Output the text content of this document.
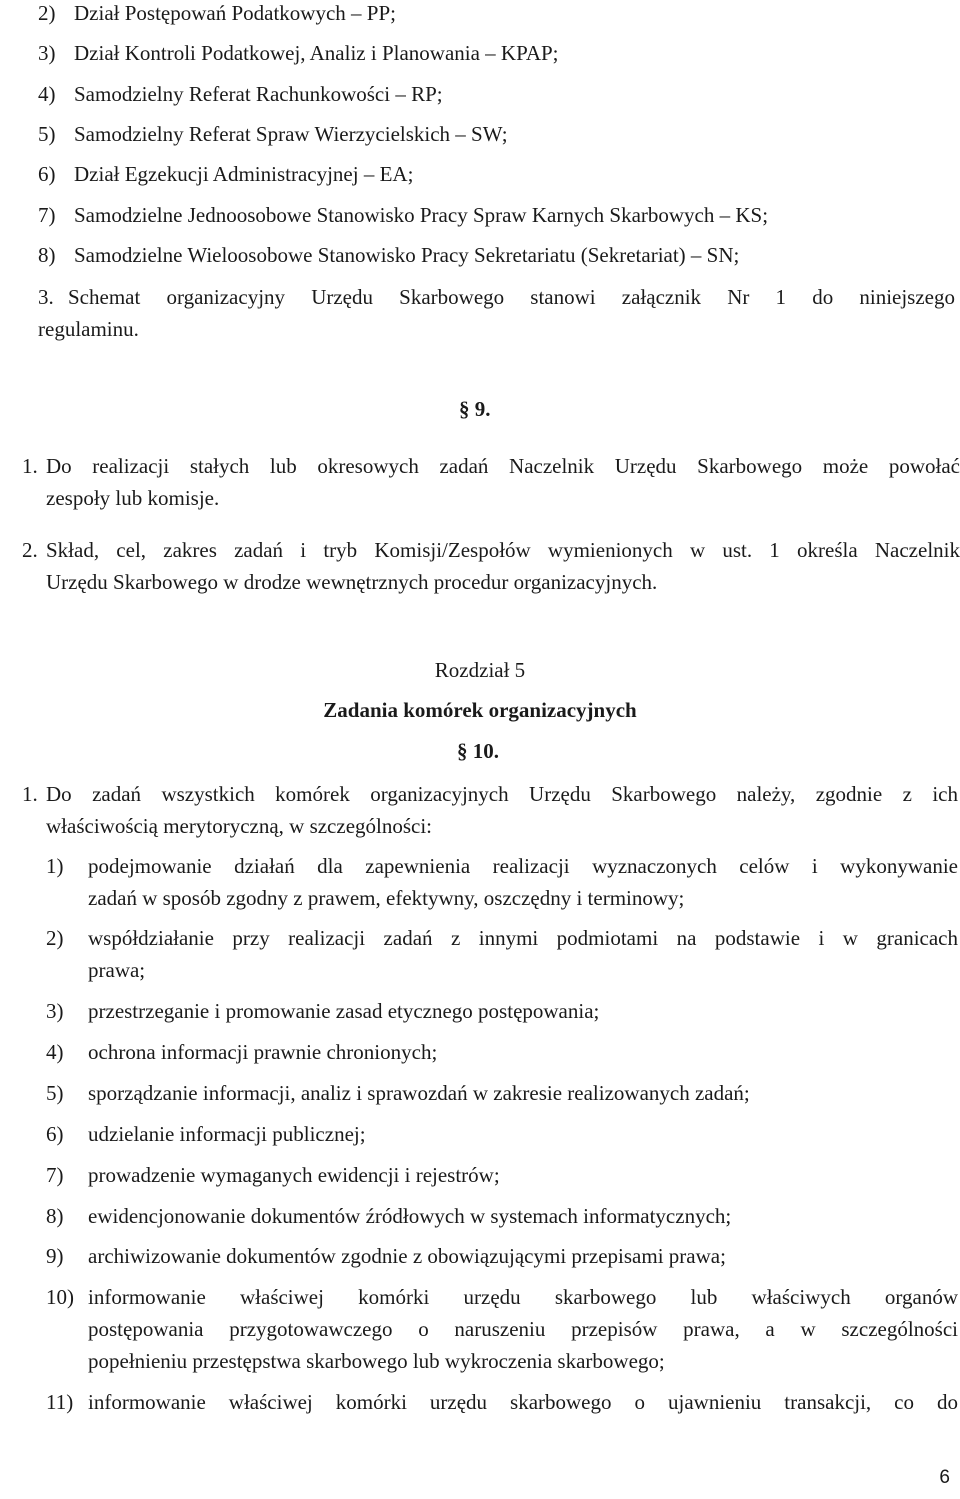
2) Dział Postępowań Podatkowych – PP;
3) Dział Kontroli Podatkowej, Analiz i Planowania – KPAP;
4) Samodzielny Referat Rachunkowości – RP;
5) Samodzielny Referat Spraw Wierzycielskich – SW;
6) Dział Egzekucji Administracyjnej – EA;
7) Samodzielne Jednoosobowe Stanowisko Pracy Spraw Karnych Skarbowych – KS;
8) Samodzielne Wieloosobowe Stanowisko Pracy Sekretariatu (Sekretariat) – SN;
3. Schemat organizacyjny Urzędu Skarbowego stanowi załącznik Nr 1 do niniejszego
regulaminu.
§ 9.
1. Do realizacji stałych lub okresowych zadań Naczelnik Urzędu Skarbowego może powołać
zespoły lub komisje.
2. Skład, cel, zakres zadań i tryb Komisji/Zespołów wymienionych w ust. 1 określa Naczelnik
Urzędu Skarbowego w drodze wewnętrznych procedur organizacyjnych.
Rozdział 5
Zadania komórek organizacyjnych
§ 10.
1. Do zadań wszystkich komórek organizacyjnych Urzędu Skarbowego należy, zgodnie z ich
właściwością merytoryczną, w szczególności:
1) podejmowanie działań dla zapewnienia realizacji wyznaczonych celów i wykonywanie
zadań w sposób zgodny z prawem, efektywny, oszczędny i terminowy;
2) współdziałanie przy realizacji zadań z innymi podmiotami na podstawie i w granicach
prawa;
3) przestrzeganie i promowanie zasad etycznego postępowania;
4) ochrona informacji prawnie chronionych;
5) sporządzanie informacji, analiz i sprawozdań w zakresie realizowanych zadań;
6) udzielanie informacji publicznej;
7) prowadzenie wymaganych ewidencji i rejestrów;
8) ewidencjonowanie dokumentów źródłowych w systemach informatycznych;
9) archiwizowanie dokumentów zgodnie z obowiązującymi przepisami prawa;
10) informowanie właściwej komórki urzędu skarbowego lub właściwych organów
postępowania przygotowawczego o naruszeniu przepisów prawa, a w szczególności
popełnieniu przestępstwa skarbowego lub wykroczenia skarbowego;
11) informowanie właściwej komórki urzędu skarbowego o ujawnieniu transakcji, co do
6
